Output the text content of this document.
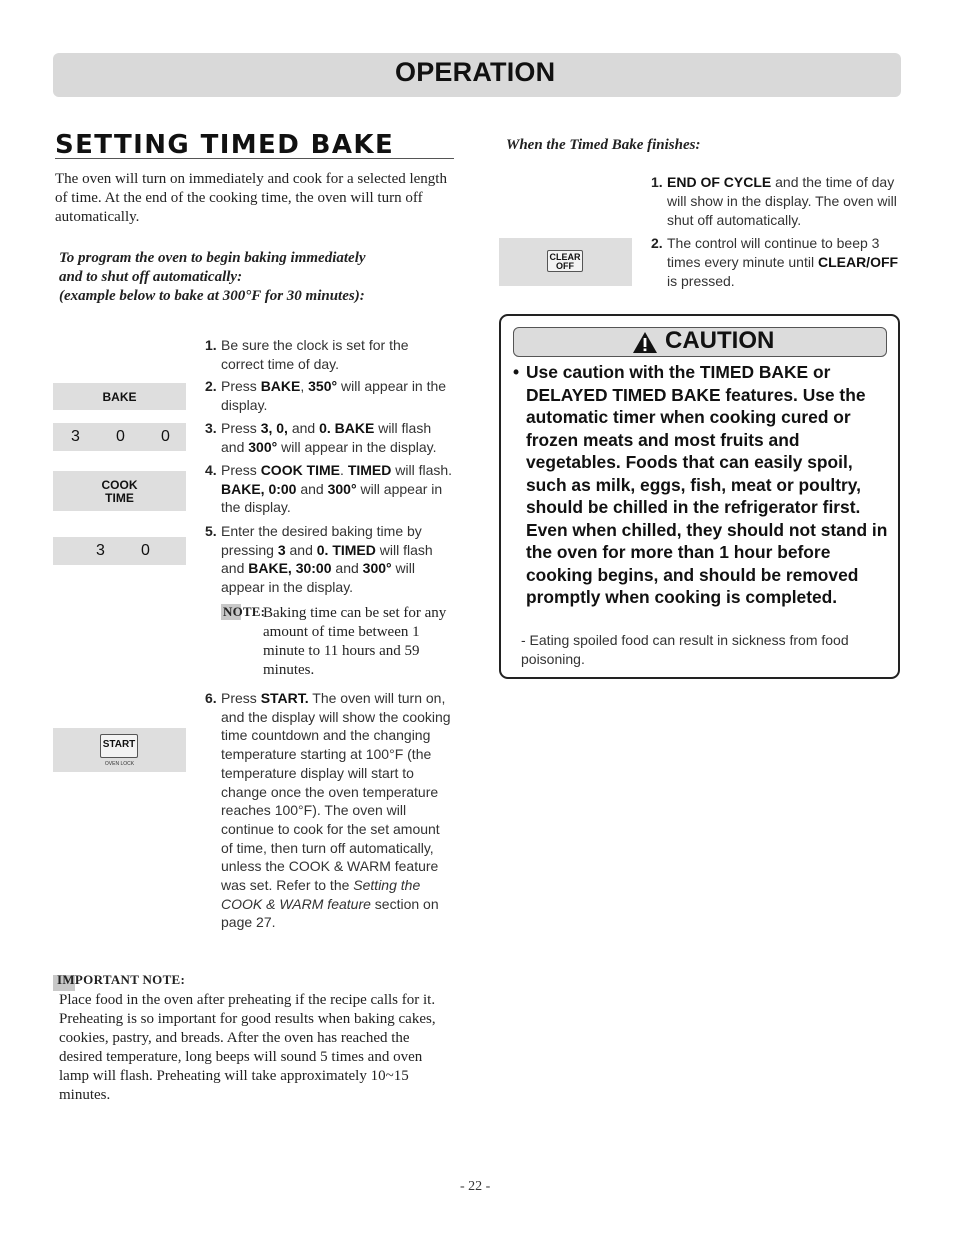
OPERATION
SETTING TIMED BAKE
The oven will turn on immediately and cook for a selected length of time. At the end of the cooking time, the oven will turn off automatically.
To program the oven to begin baking immediately
and to shut off automatically:
(example below to bake at 300°F for 30 minutes):
BAKE
3 0 0
COOK
TIME
3 0
START
OVEN LOCK
1. Be sure the clock is set for the correct time of day.
2. Press BAKE, 350° will appear in the display.
3. Press 3, 0, and 0. BAKE will flash and 300° will appear in the display.
4. Press COOK TIME. TIMED will flash. BAKE, 0:00 and 300° will appear in the display.
5. Enter the desired baking time by pressing 3 and 0. TIMED will flash and BAKE, 30:00 and 300° will appear in the display.
6. Press START. The oven will turn on, and the display will show the cooking time countdown and the changing temperature starting at 100°F (the temperature display will start to change once the oven temperature reaches 100°F). The oven will continue to cook for the set amount of time, then turn off automatically, unless the COOK & WARM feature was set. Refer to the Setting the COOK & WARM feature section on page 27.
NOTE:
Baking time can be set for any amount of time between 1 minute to 11 hours and 59 minutes.
IMPORTANT NOTE:
Place food in the oven after preheating if the recipe calls for it. Preheating is so important for good results when baking cakes, cookies, pastry, and breads. After the oven has reached the desired temperature, long beeps will sound 5 times and oven lamp will flash. Preheating will take approximately 10~15 minutes.
When the Timed Bake finishes:
CLEAR
OFF
1. END OF CYCLE and the time of day will show in the display. The oven will shut off automatically.
2. The control will continue to beep 3 times every minute until CLEAR/OFF is pressed.
CAUTION
• Use caution with the TIMED BAKE or DELAYED TIMED BAKE features. Use the automatic timer when cooking cured or frozen meats and most fruits and vegetables. Foods that can easily spoil, such as milk, eggs, fish, meat or poultry, should be chilled in the refrigerator first. Even when chilled, they should not stand in the oven for more than 1 hour before cooking begins, and should be removed promptly when cooking is completed.
- Eating spoiled food can result in sickness from food poisoning.
- 22 -
